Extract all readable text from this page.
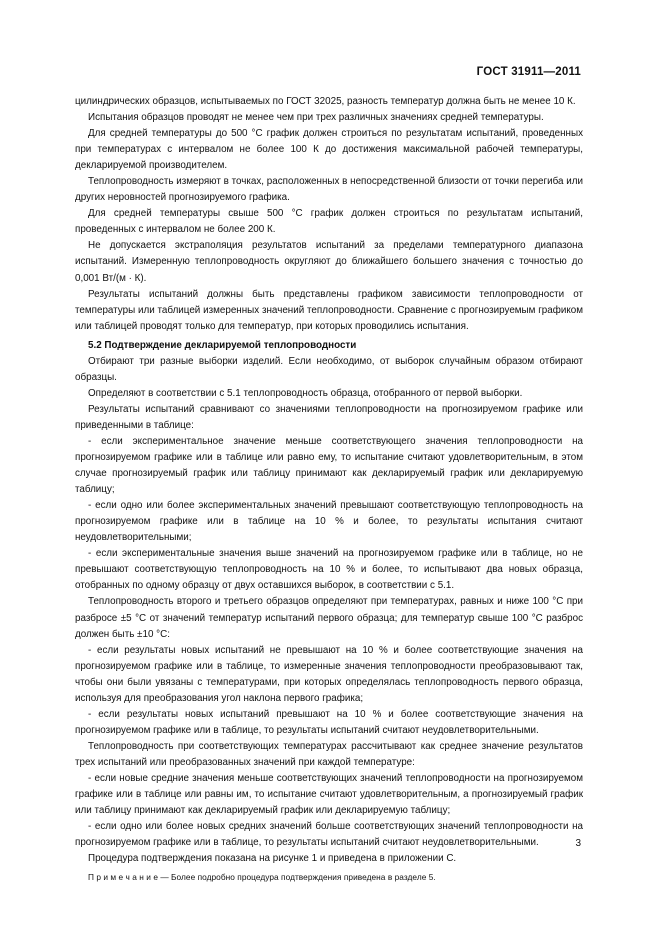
ГОСТ 31911—2011

цилиндрических образцов, испытываемых по ГОСТ 32025, разность температур должна быть не менее 10 К.

Испытания образцов проводят не менее чем при трех различных значениях средней температуры.

Для средней температуры до 500 °С график должен строиться по результатам испытаний, проведенных при температурах с интервалом не более 100 К до достижения максимальной рабочей температуры, декларируемой производителем.

Теплопроводность измеряют в точках, расположенных в непосредственной близости от точки перегиба или других неровностей прогнозируемого графика.

Для средней температуры свыше 500 °С график должен строиться по результатам испытаний, проведенных с интервалом не более 200 К.

Не допускается экстраполяция результатов испытаний за пределами температурного диапазона испытаний. Измеренную теплопроводность округляют до ближайшего большего значения с точностью до 0,001 Вт/(м · К).

Результаты испытаний должны быть представлены графиком зависимости теплопроводности от температуры или таблицей измеренных значений теплопроводности. Сравнение с прогнозируемым графиком или таблицей проводят только для температур, при которых проводились испытания.

5.2 Подтверждение декларируемой теплопроводности

Отбирают три разные выборки изделий. Если необходимо, от выборок случайным образом отбирают образцы.

Определяют в соответствии с 5.1 теплопроводность образца, отобранного от первой выборки.

Результаты испытаний сравнивают со значениями теплопроводности на прогнозируемом графике или приведенными в таблице:

- если экспериментальное значение меньше соответствующего значения теплопроводности на прогнозируемом графике или в таблице или равно ему, то испытание считают удовлетворительным, в этом случае прогнозируемый график или таблицу принимают как декларируемый график или декларируемую таблицу;

- если одно или более экспериментальных значений превышают соответствующую теплопроводность на прогнозируемом графике или в таблице на 10 % и более, то результаты испытания считают неудовлетворительными;

- если экспериментальные значения выше значений на прогнозируемом графике или в таблице, но не превышают соответствующую теплопроводность на 10 % и более, то испытывают два новых образца, отобранных по одному образцу от двух оставшихся выборок, в соответствии с 5.1.

Теплопроводность второго и третьего образцов определяют при температурах, равных и ниже 100 °С при разбросе ±5 °С от значений температур испытаний первого образца; для температур свыше 100 °С разброс должен быть ±10 °С:

- если результаты новых испытаний не превышают на 10 % и более соответствующие значения на прогнозируемом графике или в таблице, то измеренные значения теплопроводности преобразовывают так, чтобы они были увязаны с температурами, при которых определялась теплопроводность первого образца, используя для преобразования угол наклона первого графика;

- если результаты новых испытаний превышают на 10 % и более соответствующие значения на прогнозируемом графике или в таблице, то результаты испытаний считают неудовлетворительными.

Теплопроводность при соответствующих температурах рассчитывают как среднее значение результатов трех испытаний или преобразованных значений при каждой температуре:

- если новые средние значения меньше соответствующих значений теплопроводности на прогнозируемом графике или в таблице или равны им, то испытание считают удовлетворительным, а прогнозируемый график или таблицу принимают как декларируемый график или декларируемую таблицу;

- если одно или более новых средних значений больше соответствующих значений теплопроводности на прогнозируемом графике или в таблице, то результаты испытаний считают неудовлетворительными.

Процедура подтверждения показана на рисунке 1 и приведена в приложении С.

П р и м е ч а н и е — Более подробно процедура подтверждения приведена в разделе 5.

3
